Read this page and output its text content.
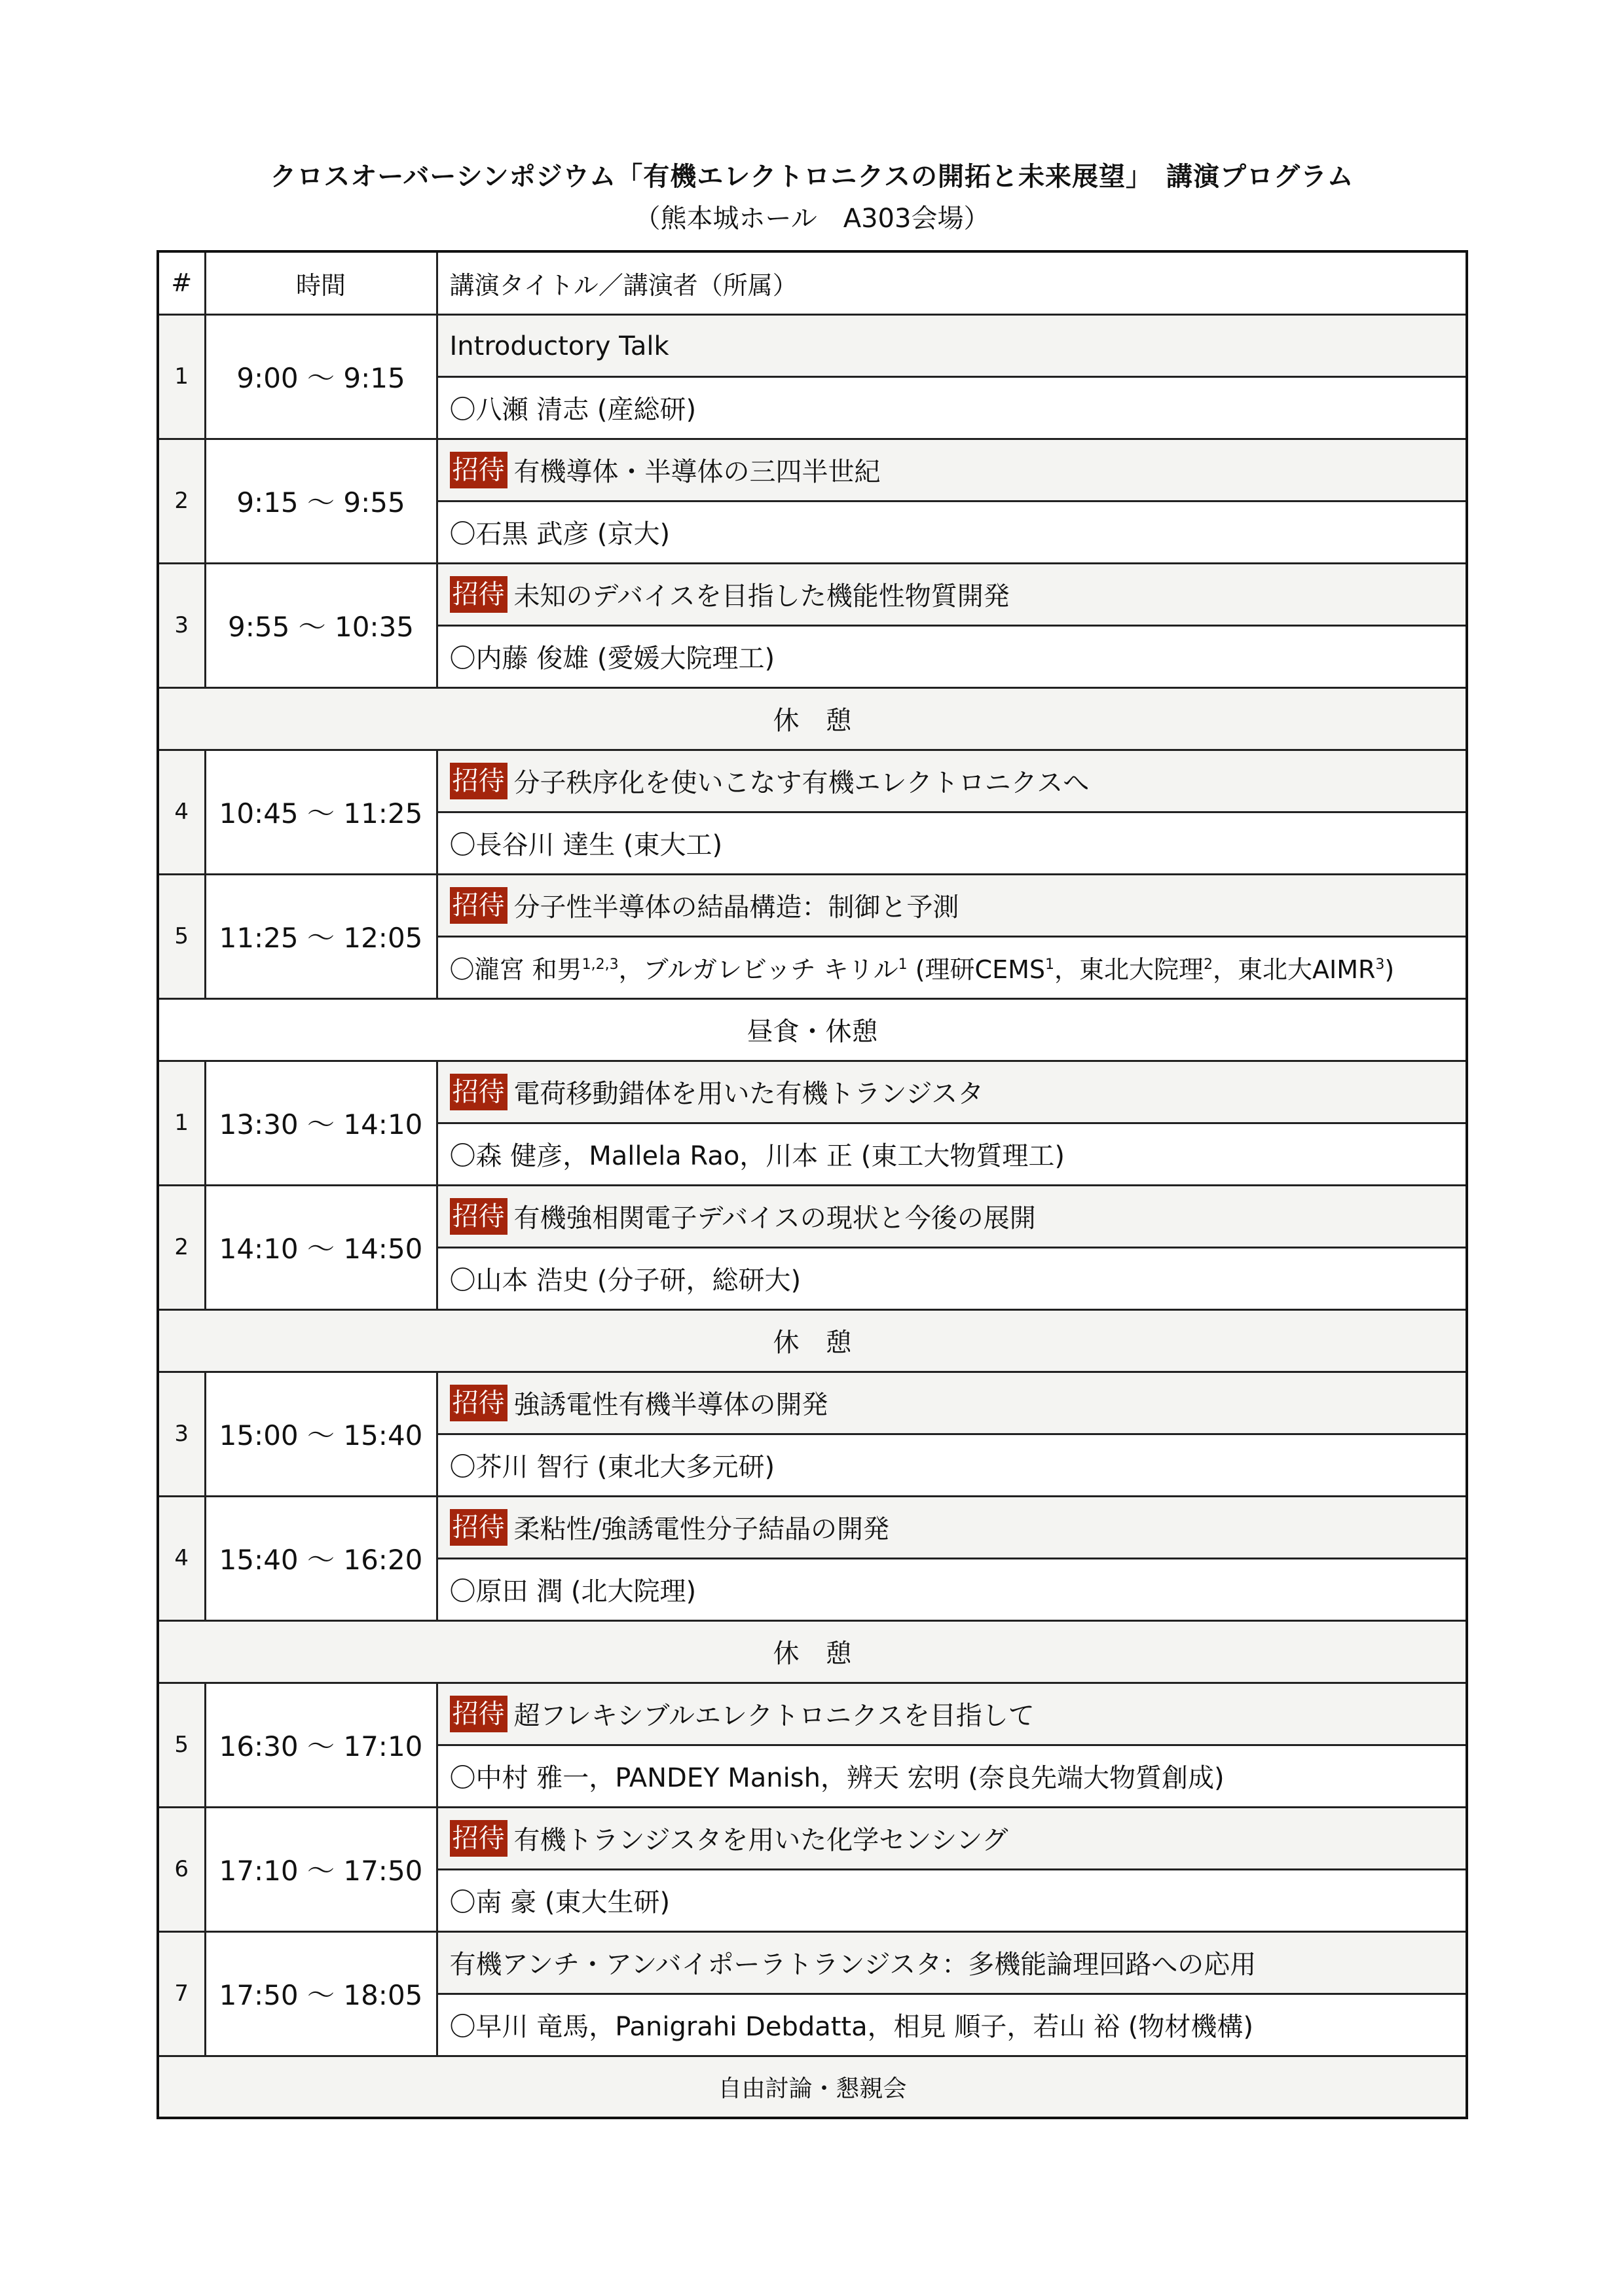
クロスオーバーシンポジウム「有機エレクトロニクスの開拓と未来展望」　講演プログラム
（熊本城ホール　A303会場）
#	時間	講演タイトル／講演者（所属）
1	9:00 ～ 9:15	Introductory Talk
		〇八瀬 清志 (産総研)
2	9:15 ～ 9:55	招待 有機導体・半導体の三四半世紀
		〇石黒 武彦 (京大)
3	9:55 ～ 10:35	招待 未知のデバイスを目指した機能性物質開発
		〇内藤 俊雄 (愛媛大院理工)
休　憩		
4	10:45 ～ 11:25	招待 分子秩序化を使いこなす有機エレクトロニクスへ
		〇長谷川 達生 (東大工)
5	11:25 ～ 12:05	招待 分子性半導体の結晶構造：制御と予測
		〇瀧宮 和男$^{1,2,3}$，ブルガレビッチ キリル$^1$ (理研CEMS$^1$，東北大院理$^2$，東北大AIMR$^3$)
昼食・休憩		
1	13:30 ～ 14:10	招待 電荷移動錯体を用いた有機トランジスタ
		〇森 健彦，Mallela Rao，川本 正 (東工大物質理工)
2	14:10 ～ 14:50	招待 有機強相関電子デバイスの現状と今後の展開
		〇山本 浩史 (分子研，総研大)
休　憩		
3	15:00 ～ 15:40	招待 強誘電性有機半導体の開発
		〇芥川 智行 (東北大多元研)
4	15:40 ～ 16:20	招待 柔粘性/強誘電性分子結晶の開発
		〇原田 潤 (北大院理)
休　憩		
5	16:30 ～ 17:10	招待 超フレキシブルエレクトロニクスを目指して
		〇中村 雅一，PANDEY Manish，辨天 宏明 (奈良先端大物質創成)
6	17:10 ～ 17:50	招待 有機トランジスタを用いた化学センシング
		〇南 豪 (東大生研)
7	17:50 ～ 18:05	有機アンチ・アンバイポーラトランジスタ：多機能論理回路への応用
		〇早川 竜馬，Panigrahi Debdatta，相見 順子，若山 裕 (物材機構)
自由討論・懇親会		
